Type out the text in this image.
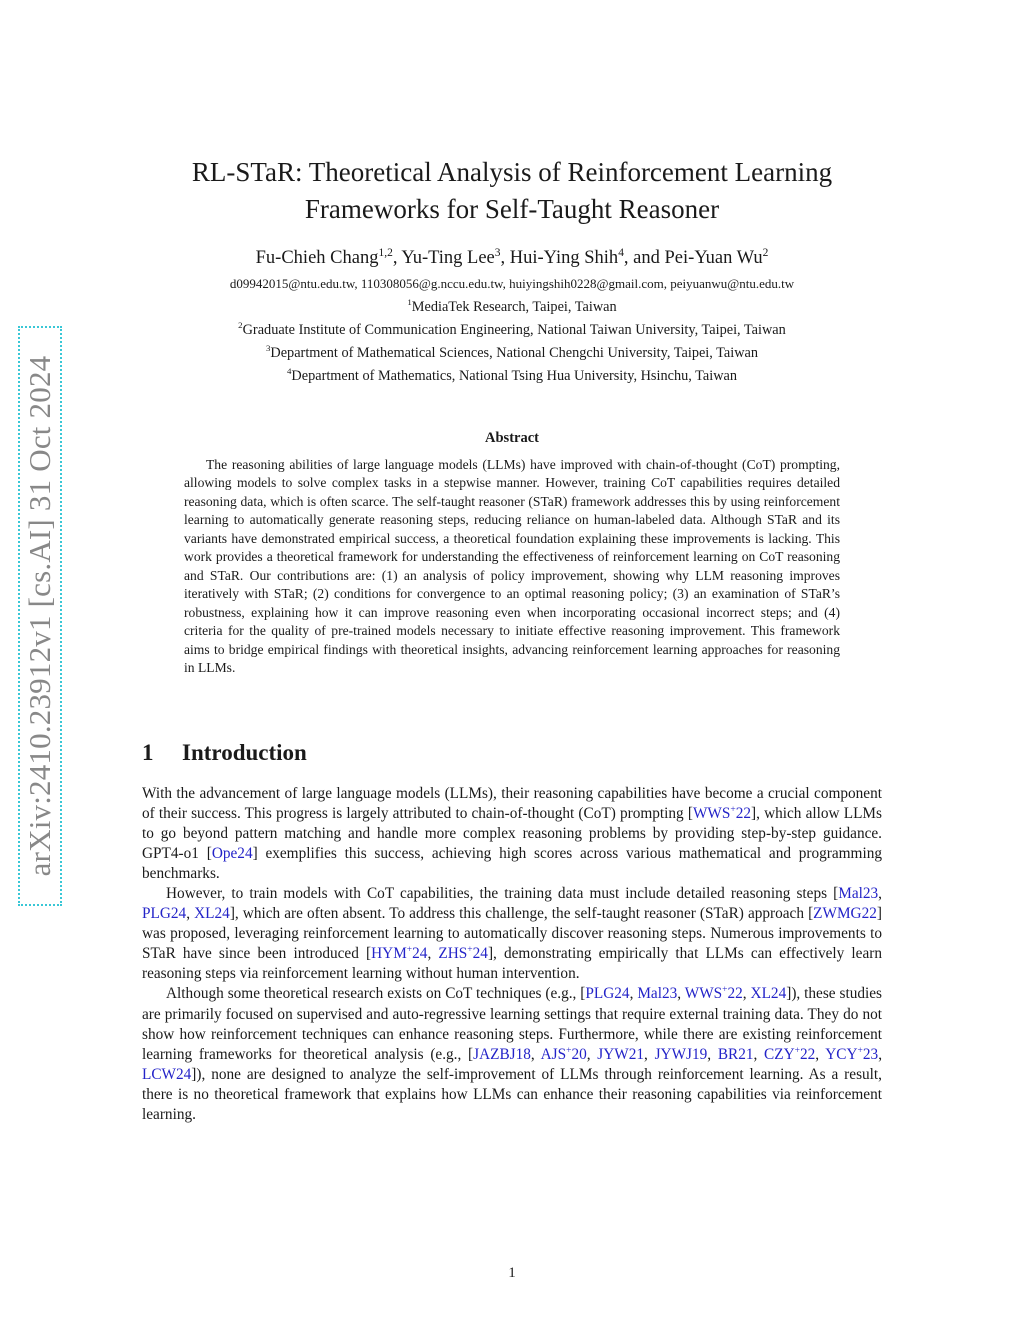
arXiv:2410.23912v1 [cs.AI] 31 Oct 2024
RL-STaR: Theoretical Analysis of Reinforcement Learning
Frameworks for Self-Taught Reasoner
Fu-Chieh Chang$^{1,2}$, Yu-Ting Lee$^3$, Hui-Ying Shih$^4$, and Pei-Yuan Wu$^2$
d09942015@ntu.edu.tw, 110308056@g.nccu.edu.tw, huiyingshih0228@gmail.com, peiyuanwu@ntu.edu.tw
$^1$MediaTek Research, Taipei, Taiwan
$^2$Graduate Institute of Communication Engineering, National Taiwan University, Taipei, Taiwan
$^3$Department of Mathematical Sciences, National Chengchi University, Taipei, Taiwan
$^4$Department of Mathematics, National Tsing Hua University, Hsinchu, Taiwan
Abstract

The reasoning abilities of large language models (LLMs) have improved with chain-of-thought (CoT) prompting, allowing models to solve complex tasks in a stepwise manner. However, training CoT capabilities requires detailed reasoning data, which is often scarce. The self-taught reasoner (STaR) framework addresses this by using reinforcement learning to automatically generate reasoning steps, reducing reliance on human-labeled data. Although STaR and its variants have demonstrated empirical success, a theoretical foundation explaining these improvements is lacking. This work provides a theoretical framework for understanding the effectiveness of reinforcement learning on CoT reasoning and STaR. Our contributions are: (1) an analysis of policy improvement, showing why LLM reasoning improves iteratively with STaR; (2) conditions for convergence to an optimal reasoning policy; (3) an examination of STaR’s robustness, explaining how it can improve reasoning even when incorporating occasional incorrect steps; and (4) criteria for the quality of pre-trained models necessary to initiate effective reasoning improvement. This framework aims to bridge empirical findings with theoretical insights, advancing reinforcement learning approaches for reasoning in LLMs.

1 Introduction

With the advancement of large language models (LLMs), their reasoning capabilities have become a crucial component of their success. This progress is largely attributed to chain-of-thought (CoT) prompting [WWS+22], which allow LLMs to go beyond pattern matching and handle more complex reasoning problems by providing step-by-step guidance. GPT4-o1 [Ope24] exemplifies this success, achieving high scores across various mathematical and programming benchmarks.

However, to train models with CoT capabilities, the training data must include detailed reasoning steps [Mal23, PLG24, XL24], which are often absent. To address this challenge, the self-taught reasoner (STaR) approach [ZWMG22] was proposed, leveraging reinforcement learning to automatically discover reasoning steps. Numerous improvements to STaR have since been introduced [HYM+24, ZHS+24], demonstrating empirically that LLMs can effectively learn reasoning steps via reinforcement learning without human intervention.

Although some theoretical research exists on CoT techniques (e.g., [PLG24, Mal23, WWS+22, XL24]), these studies are primarily focused on supervised and auto-regressive learning settings that require external training data. They do not show how reinforcement techniques can enhance reasoning steps. Furthermore, while there are existing reinforcement learning frameworks for theoretical analysis (e.g., [JAZBJ18, AJS+20, JYW21, JYWJ19, BR21, CZY+22, YCY+23, LCW24]), none are designed to analyze the self-improvement of LLMs through reinforcement learning. As a result, there is no theoretical framework that explains how LLMs can enhance their reasoning capabilities via reinforcement learning.

1
